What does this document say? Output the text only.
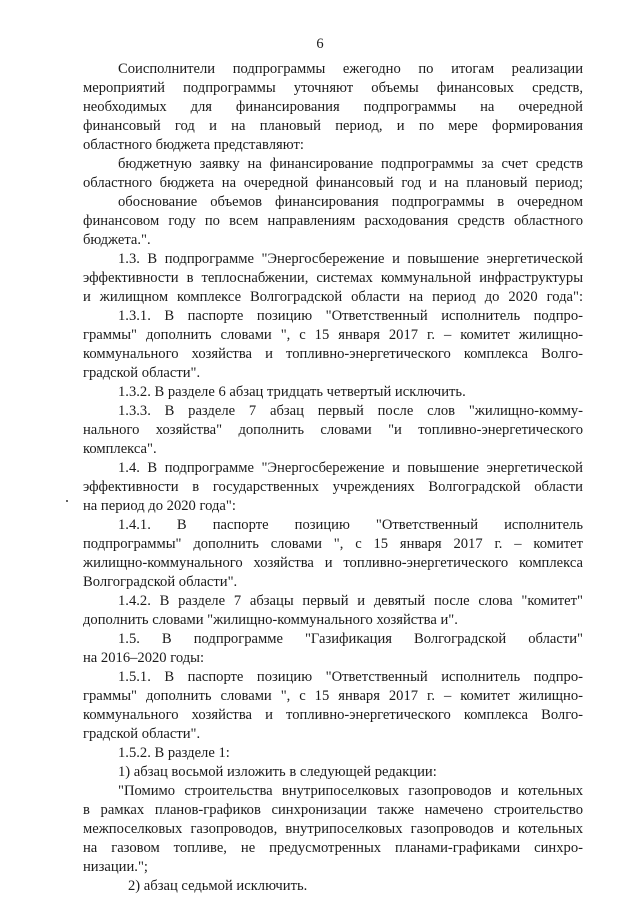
6
Соисполнители подпрограммы ежегодно по итогам реализации
мероприятий подпрограммы уточняют объемы финансовых средств,
необходимых для финансирования подпрограммы на очередной
финансовый год и на плановый период, и по мере формирования
областного бюджета представляют:
бюджетную заявку на финансирование подпрограммы за счет средств
областного бюджета на очередной финансовый год и на плановый период;
обоснование объемов финансирования подпрограммы в очередном
финансовом году по всем направлениям расходования средств областного
бюджета.".
1.3. В подпрограмме "Энергосбережение и повышение энергетической
эффективности в теплоснабжении, системах коммунальной инфраструктуры
и жилищном комплексе Волгоградской области на период до 2020 года":
1.3.1. В паспорте позицию "Ответственный исполнитель подпро-
граммы" дополнить словами ", с 15 января 2017 г. – комитет жилищно-
коммунального хозяйства и топливно-энергетического комплекса Волго-
градской области".
1.3.2. В разделе 6 абзац тридцать четвертый исключить.
1.3.3. В разделе 7 абзац первый после слов "жилищно-комму-
нального хозяйства" дополнить словами "и топливно-энергетического
комплекса".
1.4. В подпрограмме "Энергосбережение и повышение энергетической
эффективности в государственных учреждениях Волгоградской области
на период до 2020 года":
1.4.1. В паспорте позицию "Ответственный исполнитель
подпрограммы" дополнить словами ", с 15 января 2017 г. – комитет
жилищно-коммунального хозяйства и топливно-энергетического комплекса
Волгоградской области".
1.4.2. В разделе 7 абзацы первый и девятый после слова "комитет"
дополнить словами "жилищно-коммунального хозяйства и".
1.5. В подпрограмме "Газификация Волгоградской области"
на 2016–2020 годы:
1.5.1. В паспорте позицию "Ответственный исполнитель подпро-
граммы" дополнить словами ", с 15 января 2017 г. – комитет жилищно-
коммунального хозяйства и топливно-энергетического комплекса Волго-
градской области".
1.5.2. В разделе 1:
1) абзац восьмой изложить в следующей редакции:
"Помимо строительства внутрипоселковых газопроводов и котельных
в рамках планов-графиков синхронизации также намечено строительство
межпоселковых газопроводов, внутрипоселковых газопроводов и котельных
на газовом топливе, не предусмотренных планами-графиками синхро-
низации.";
2) абзац седьмой исключить.
